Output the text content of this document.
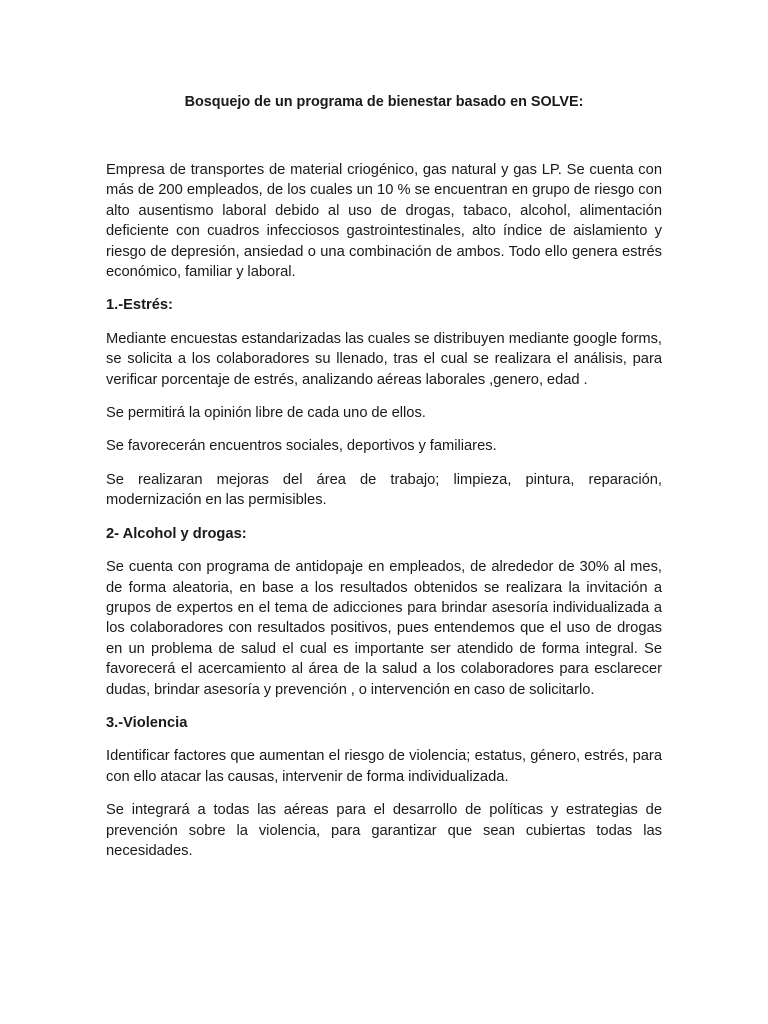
Bosquejo de un programa de bienestar basado en SOLVE:

Empresa de transportes de material criogénico, gas natural y gas LP. Se cuenta con más de 200 empleados, de los cuales un 10 % se encuentran en grupo de riesgo con alto ausentismo laboral debido al uso de drogas, tabaco, alcohol, alimentación deficiente con cuadros infecciosos gastrointestinales, alto índice de aislamiento y riesgo de depresión, ansiedad o una combinación de ambos. Todo ello genera estrés económico, familiar y laboral.

1.-Estrés:

Mediante encuestas estandarizadas las cuales se distribuyen mediante google forms, se solicita a los colaboradores su llenado, tras el cual se realizara el análisis, para verificar porcentaje de estrés, analizando aéreas laborales ,genero, edad .

Se permitirá la opinión libre de cada uno de ellos.

Se favorecerán encuentros sociales, deportivos y familiares.

Se realizaran mejoras del área de trabajo; limpieza, pintura, reparación, modernización en las permisibles.

2- Alcohol y drogas:

Se cuenta con programa de antidopaje en empleados, de alrededor de 30% al mes, de forma aleatoria, en base a los resultados obtenidos se realizara la invitación a grupos de expertos en el tema de adicciones para brindar asesoría individualizada a los colaboradores con resultados positivos, pues entendemos que el uso de drogas en un problema de salud el cual es importante ser atendido de forma integral. Se favorecerá el acercamiento al área de la salud a los colaboradores para esclarecer dudas, brindar asesoría y prevención , o intervención en caso de solicitarlo.

3.-Violencia

Identificar factores que aumentan el riesgo de violencia; estatus, género, estrés, para con ello atacar las causas, intervenir de forma individualizada.

Se integrará a todas las aéreas para el desarrollo de políticas y estrategias de prevención sobre la violencia, para garantizar que sean cubiertas todas las necesidades.
